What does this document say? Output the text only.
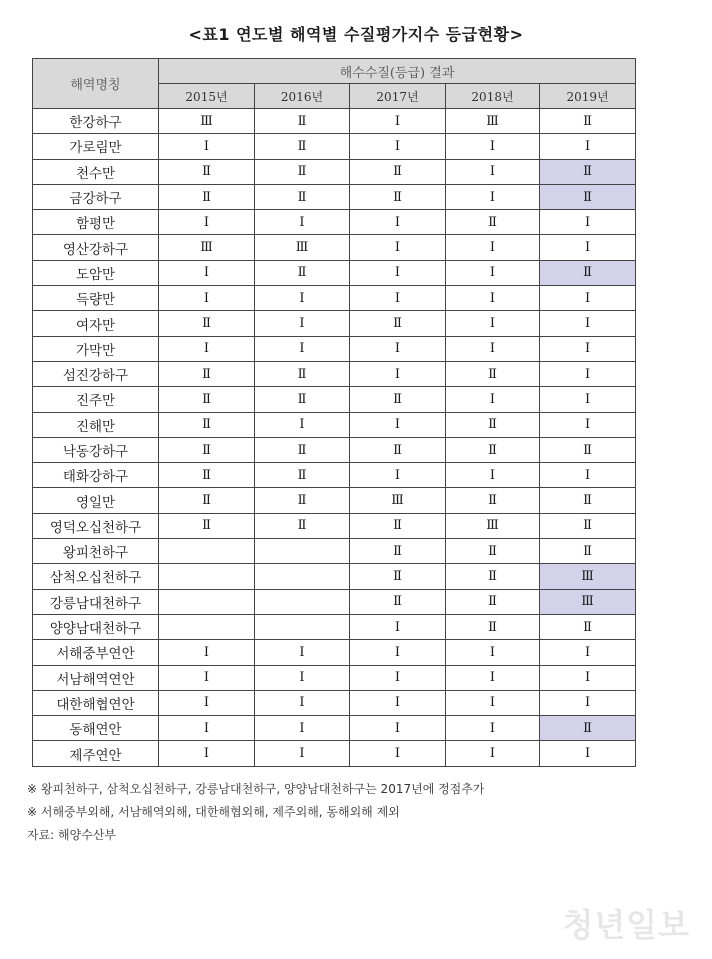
<표1 연도별 해역별 수질평가지수 등급현황>
해역명칭	해수수질(등급) 결과				
	2015년	2016년	2017년	2018년	2019년
한강하구	Ⅲ	Ⅱ	Ⅰ	Ⅲ	Ⅱ
가로림만	Ⅰ	Ⅱ	Ⅰ	Ⅰ	Ⅰ
천수만	Ⅱ	Ⅱ	Ⅱ	Ⅰ	Ⅱ
금강하구	Ⅱ	Ⅱ	Ⅱ	Ⅰ	Ⅱ
함평만	Ⅰ	Ⅰ	Ⅰ	Ⅱ	Ⅰ
영산강하구	Ⅲ	Ⅲ	Ⅰ	Ⅰ	Ⅰ
도암만	Ⅰ	Ⅱ	Ⅰ	Ⅰ	Ⅱ
득량만	Ⅰ	Ⅰ	Ⅰ	Ⅰ	Ⅰ
여자만	Ⅱ	Ⅰ	Ⅱ	Ⅰ	Ⅰ
가막만	Ⅰ	Ⅰ	Ⅰ	Ⅰ	Ⅰ
섬진강하구	Ⅱ	Ⅱ	Ⅰ	Ⅱ	Ⅰ
진주만	Ⅱ	Ⅱ	Ⅱ	Ⅰ	Ⅰ
진해만	Ⅱ	Ⅰ	Ⅰ	Ⅱ	Ⅰ
낙동강하구	Ⅱ	Ⅱ	Ⅱ	Ⅱ	Ⅱ
태화강하구	Ⅱ	Ⅱ	Ⅰ	Ⅰ	Ⅰ
영일만	Ⅱ	Ⅱ	Ⅲ	Ⅱ	Ⅱ
영덕오십천하구	Ⅱ	Ⅱ	Ⅱ	Ⅲ	Ⅱ
왕피천하구			Ⅱ	Ⅱ	Ⅱ
삼척오십천하구			Ⅱ	Ⅱ	Ⅲ
강릉남대천하구			Ⅱ	Ⅱ	Ⅲ
양양남대천하구			Ⅰ	Ⅱ	Ⅱ
서해중부연안	Ⅰ	Ⅰ	Ⅰ	Ⅰ	Ⅰ
서남해역연안	Ⅰ	Ⅰ	Ⅰ	Ⅰ	Ⅰ
대한해협연안	Ⅰ	Ⅰ	Ⅰ	Ⅰ	Ⅰ
동해연안	Ⅰ	Ⅰ	Ⅰ	Ⅰ	Ⅱ
제주연안	Ⅰ	Ⅰ	Ⅰ	Ⅰ	Ⅰ
※ 왕피천하구, 삼척오십천하구, 강릉남대천하구, 양양남대천하구는 2017년에 정점추가
※ 서해중부외해, 서남해역외해, 대한해협외해, 제주외해, 동해외해 제외
자료: 해양수산부
청년일보
